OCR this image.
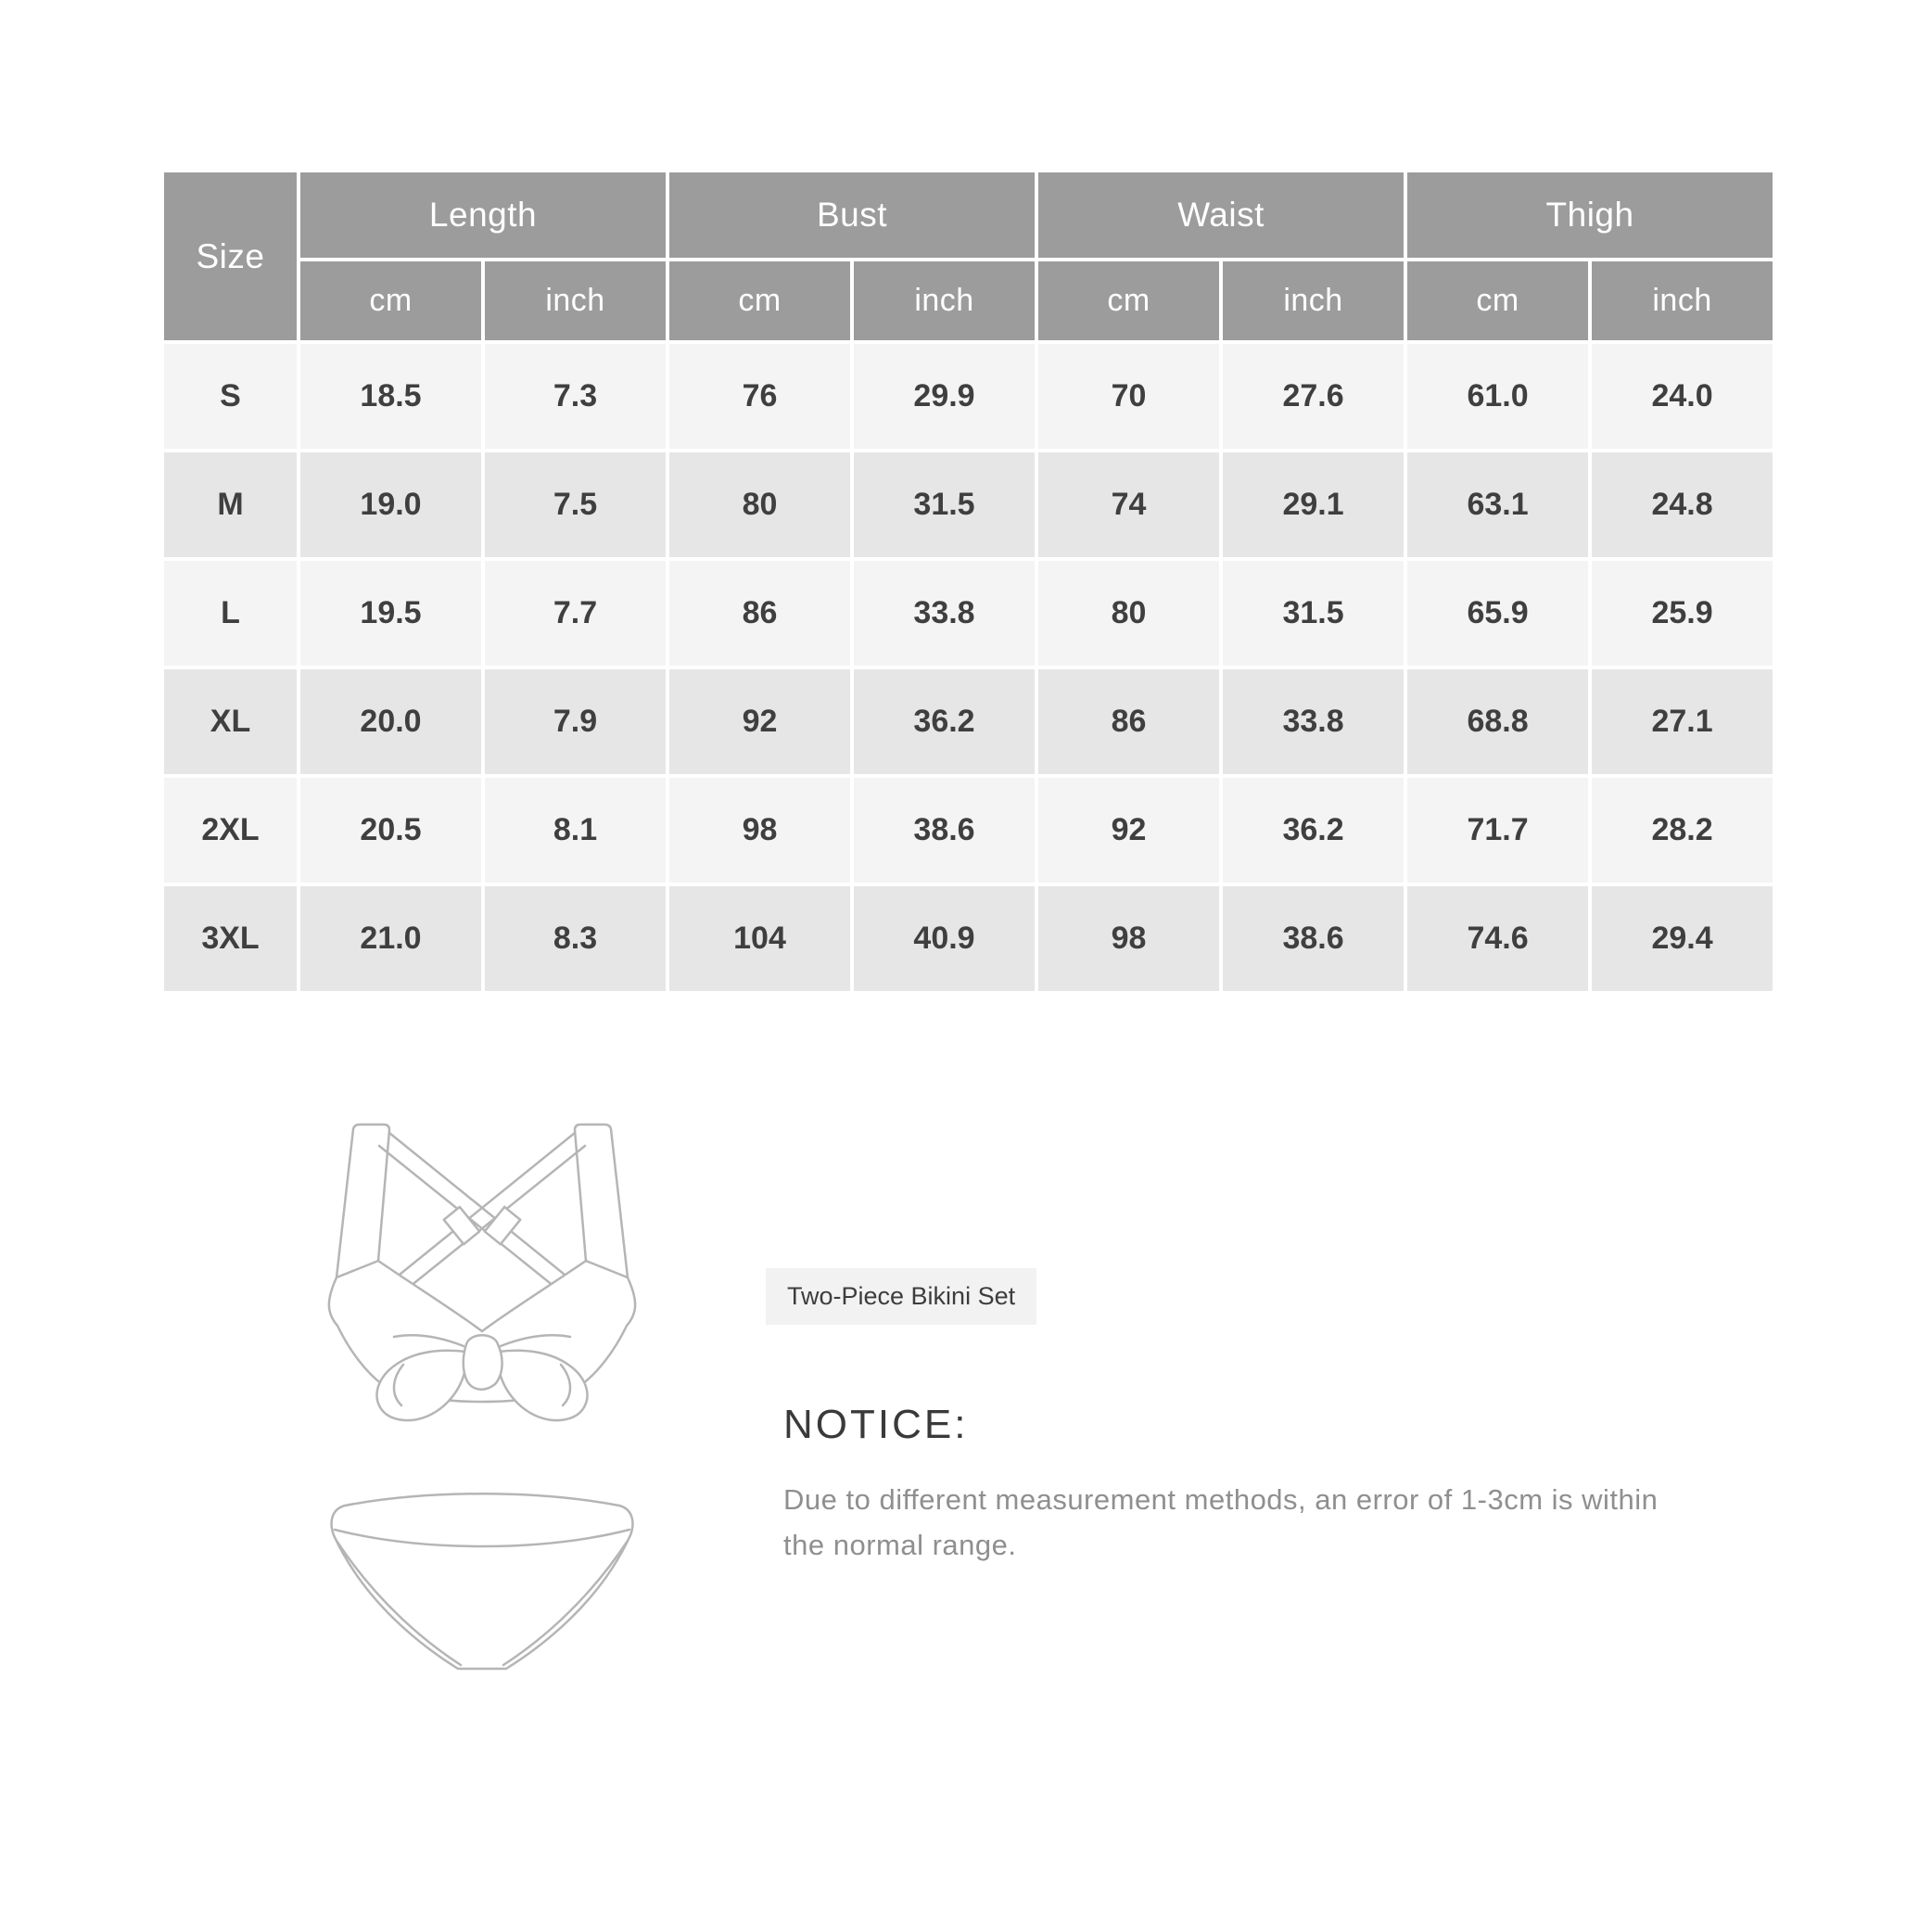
Size	Length		Bust		Waist		Thigh	
	cm	inch	cm	inch	cm	inch	cm	inch
S	18.5	7.3	76	29.9	70	27.6	61.0	24.0
M	19.0	7.5	80	31.5	74	29.1	63.1	24.8
L	19.5	7.7	86	33.8	80	31.5	65.9	25.9
XL	20.0	7.9	92	36.2	86	33.8	68.8	27.1
2XL	20.5	8.1	98	38.6	92	36.2	71.7	28.2
3XL	21.0	8.3	104	40.9	98	38.6	74.6	29.4
Two-Piece Bikini Set
NOTICE:
Due to different measurement methods, an error of 1-3cm is within the normal range.
